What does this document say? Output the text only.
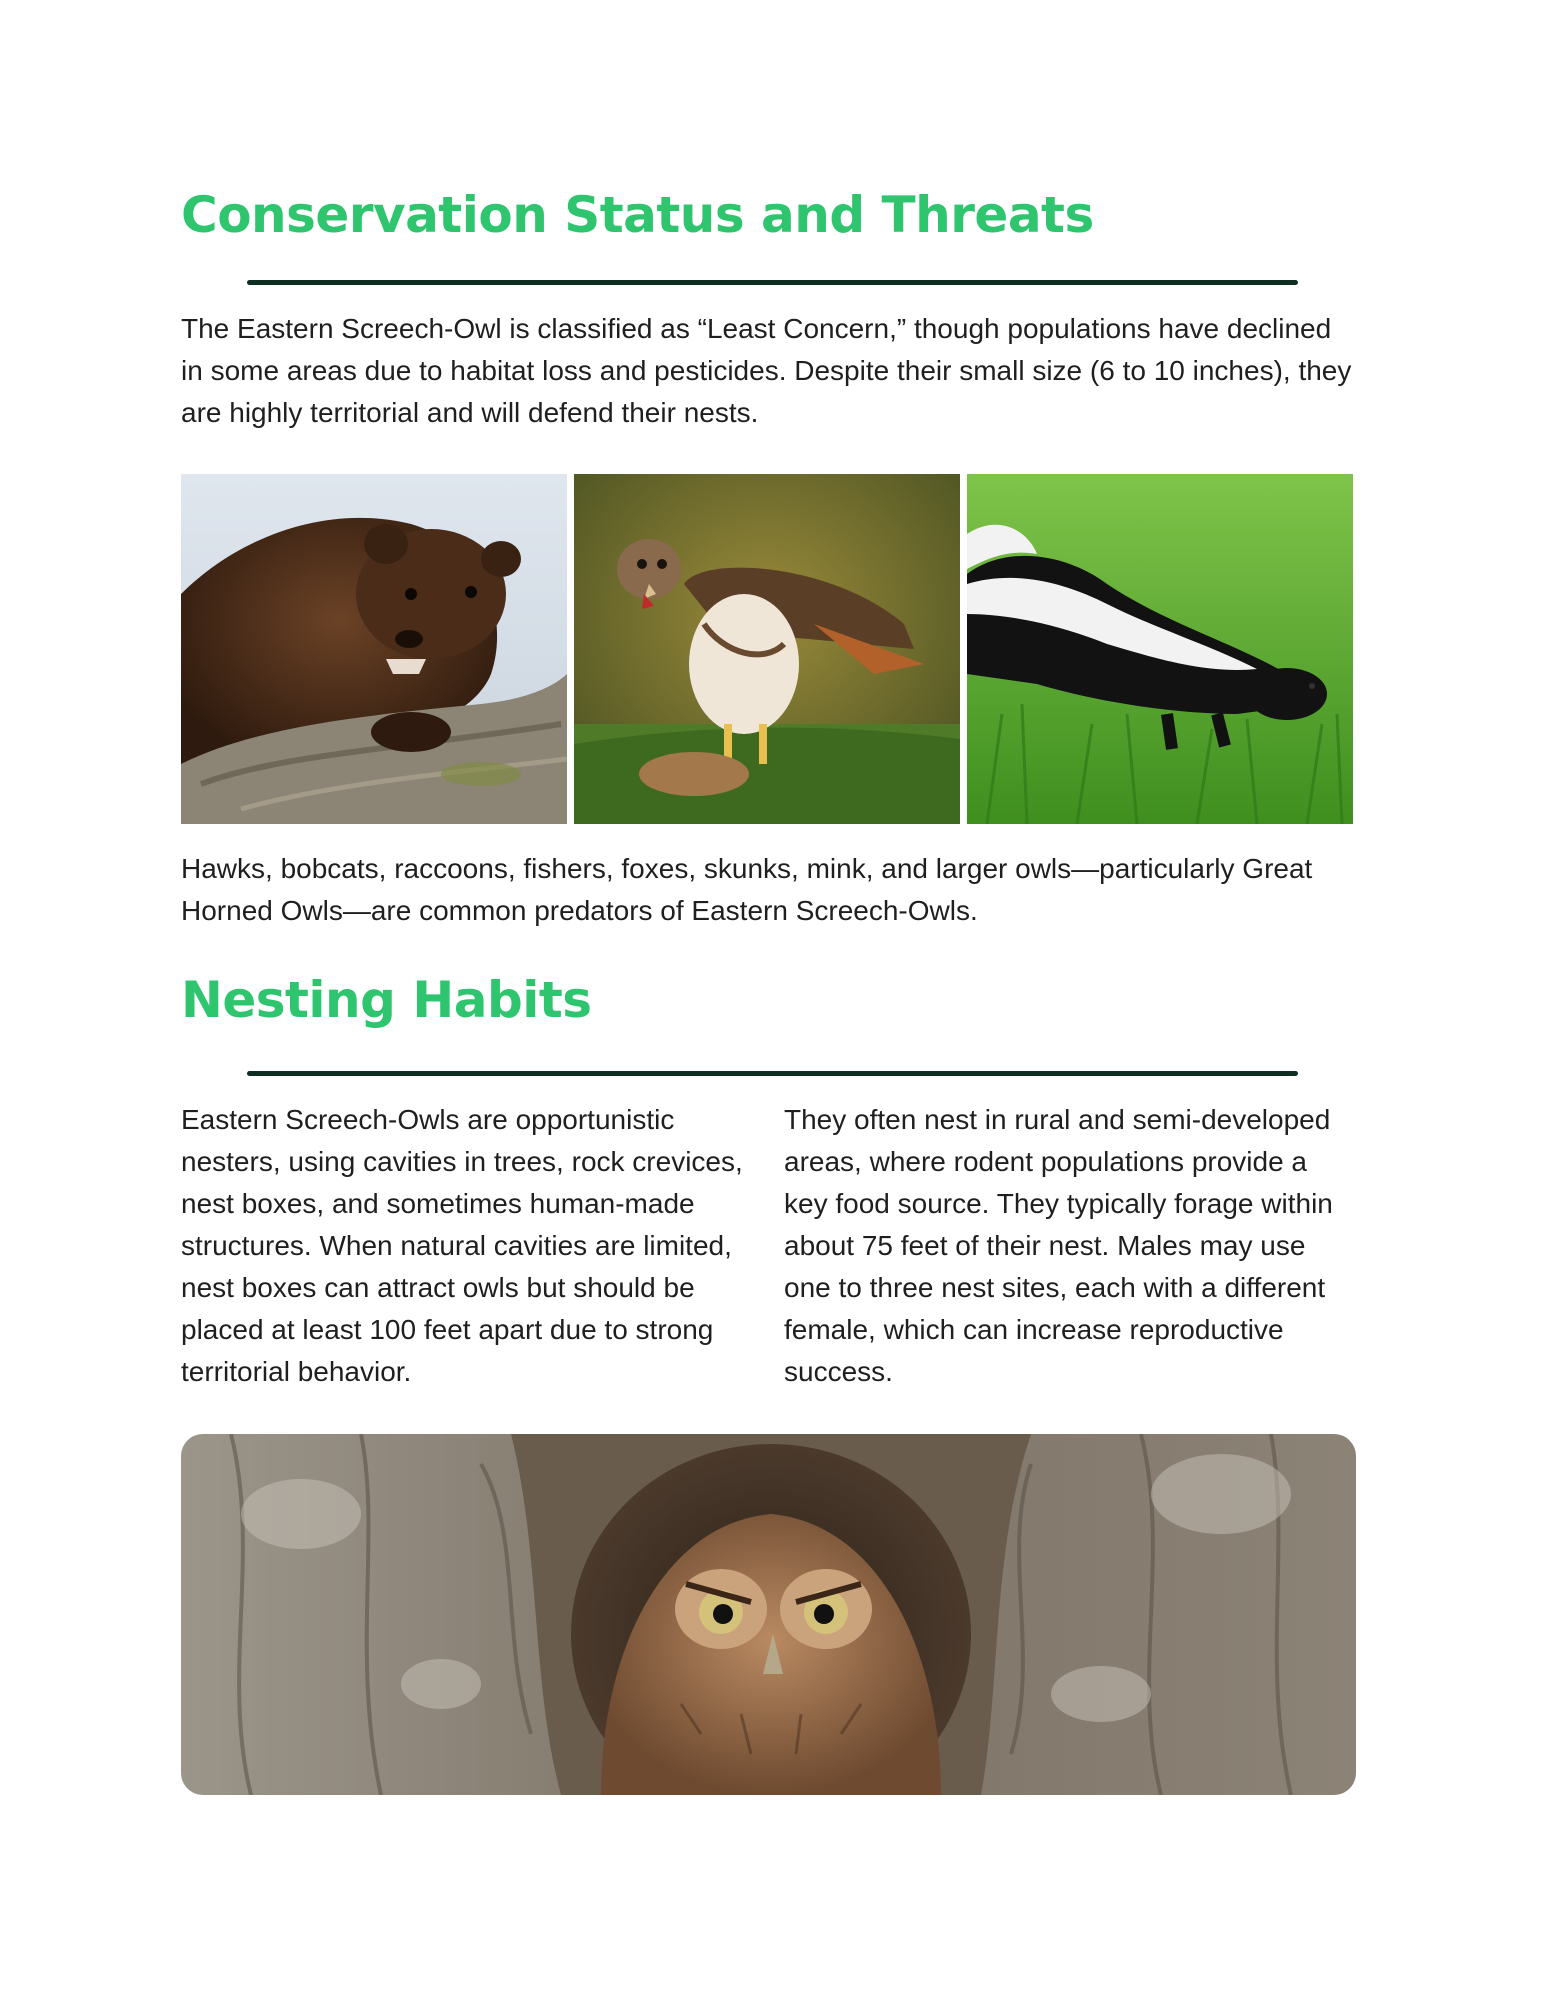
Conservation Status and Threats

The Eastern Screech-Owl is classified as “Least Concern,” though populations have declined in some areas due to habitat loss and pesticides. Despite their small size (6 to 10 inches), they are highly territorial and will defend their nests.

Hawks, bobcats, raccoons, fishers, foxes, skunks, mink, and larger owls—particularly Great Horned Owls—are common predators of Eastern Screech-Owls.

Nesting Habits

Eastern Screech-Owls are opportunistic nesters, using cavities in trees, rock crevices, nest boxes, and sometimes human-made structures. When natural cavities are limited, nest boxes can attract owls but should be placed at least 100 feet apart due to strong territorial behavior.

They often nest in rural and semi-developed areas, where rodent populations provide a key food source. They typically forage within about 75 feet of their nest. Males may use one to three nest sites, each with a different female, which can increase reproductive success.
